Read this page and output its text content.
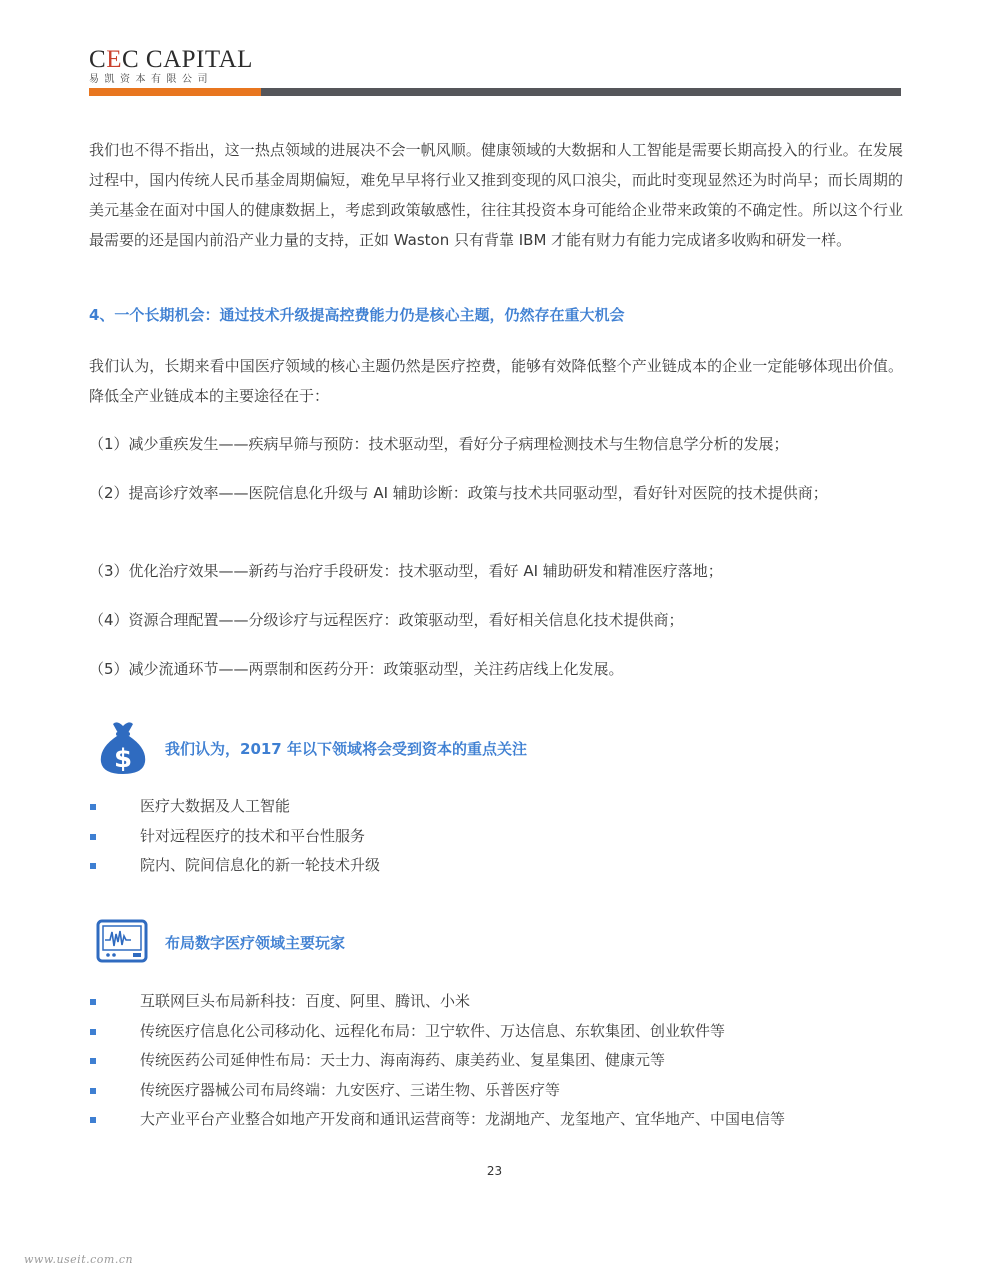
CEC CAPITAL
易凯资本有限公司

我们也不得不指出，这一热点领域的进展决不会一帆风顺。健康领域的大数据和人工智能是需要长期高投入的行业。在发展过程中，国内传统人民币基金周期偏短，难免早早将行业又推到变现的风口浪尖，而此时变现显然还为时尚早；而长周期的美元基金在面对中国人的健康数据上，考虑到政策敏感性，往往其投资本身可能给企业带来政策的不确定性。所以这个行业最需要的还是国内前沿产业力量的支持，正如 Waston 只有背靠 IBM 才能有财力有能力完成诸多收购和研发一样。

4、一个长期机会：通过技术升级提高控费能力仍是核心主题，仍然存在重大机会

我们认为，长期来看中国医疗领域的核心主题仍然是医疗控费，能够有效降低整个产业链成本的企业一定能够体现出价值。降低全产业链成本的主要途径在于：

（1）减少重疾发生——疾病早筛与预防：技术驱动型，看好分子病理检测技术与生物信息学分析的发展；

（2）提高诊疗效率——医院信息化升级与 AI 辅助诊断：政策与技术共同驱动型，看好针对医院的技术提供商；

（3）优化治疗效果——新药与治疗手段研发：技术驱动型，看好 AI 辅助研发和精准医疗落地；

（4）资源合理配置——分级诊疗与远程医疗：政策驱动型，看好相关信息化技术提供商；

（5）减少流通环节——两票制和医药分开：政策驱动型，关注药店线上化发展。

$ 我们认为，2017 年以下领域将会受到资本的重点关注
医疗大数据及人工智能
针对远程医疗的技术和平台性服务
院内、院间信息化的新一轮技术升级
布局数字医疗领域主要玩家
互联网巨头布局新科技：百度、阿里、腾讯、小米
传统医疗信息化公司移动化、远程化布局：卫宁软件、万达信息、东软集团、创业软件等
传统医药公司延伸性布局：天士力、海南海药、康美药业、复星集团、健康元等
传统医疗器械公司布局终端：九安医疗、三诺生物、乐普医疗等
大产业平台产业整合如地产开发商和通讯运营商等：龙湖地产、龙玺地产、宜华地产、中国电信等
23
www.useit.com.cn
